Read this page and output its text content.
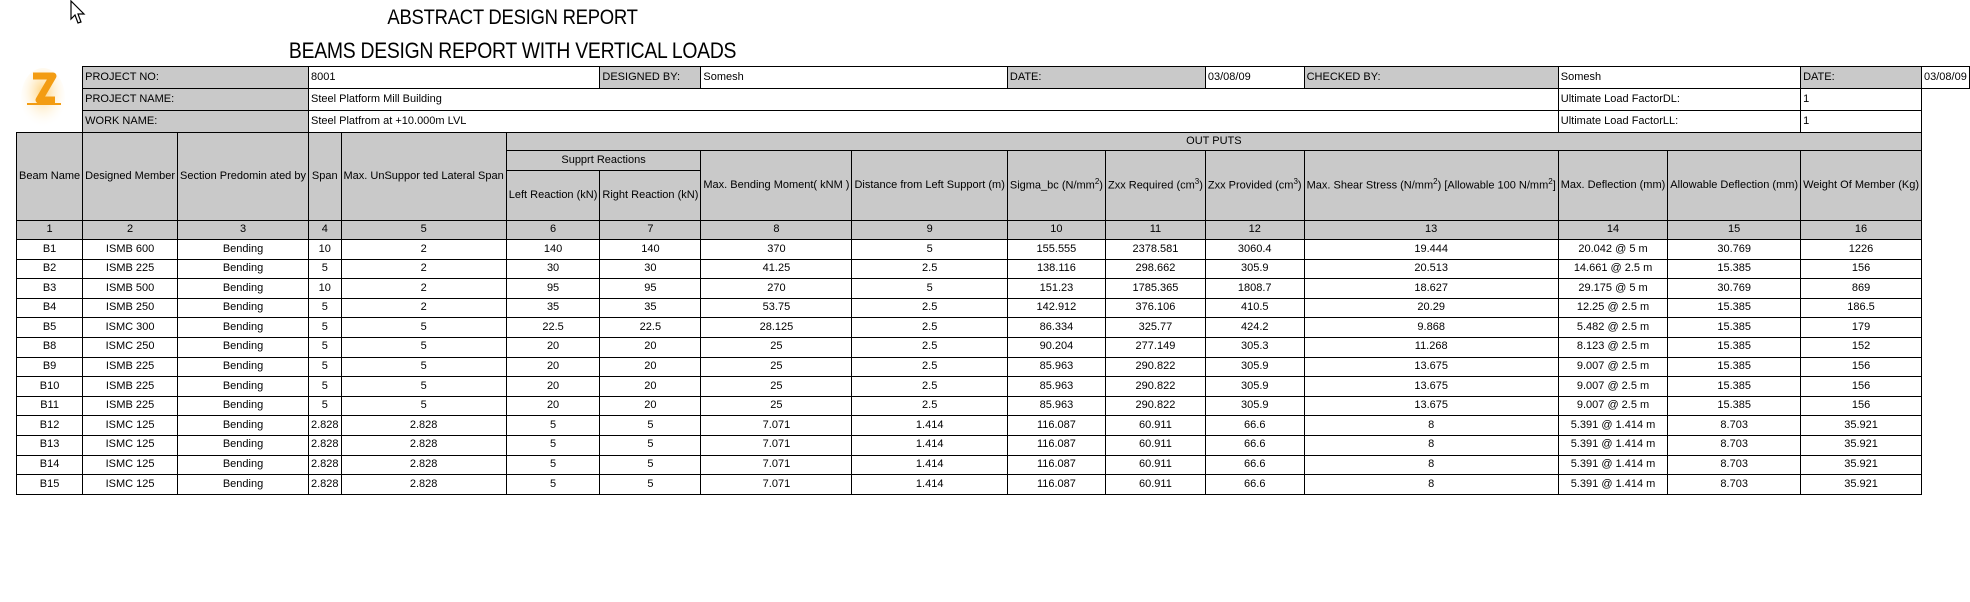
ABSTRACT DESIGN REPORT
BEAMS DESIGN REPORT WITH VERTICAL LOADS
	PROJECT NO:		8001			DESIGNED BY:	Somesh		DATE:		03/08/09	CHECKED BY:	Somesh		DATE:	03/08/09
	PROJECT NAME:		Steel Platform Mill Building										Ultimate Load FactorDL:		1	
	WORK NAME:		Steel Platfrom at +10.000m LVL										Ultimate Load FactorLL:		1	
Beam Name	Designed Member	Section Predomin ated by	Span	Max. UnSuppor ted Lateral Span	OUT PUTS											
					Supprt Reactions		Max. Bending Moment( kNM )	Distance from Left Support (m)	Sigma_bc $(N/mm^2)$	Zxx Required $(cm^3)$	Zxx Provided $(cm^3)$	Max. Shear Stress $(N/mm^2)$ [Allowable 100 $N/mm^2$]	Max. Deflection (mm)	Allowable Deflection (mm)	Weight Of Member (Kg)	
					Left Reaction (kN)	Right Reaction (kN)										
1	2	3	4	5	6	7	8	9	10	11	12	13	14	15	16	
B1	ISMB 600	Bending	10	2	140	140	370	5	155.555	2378.581	3060.4	19.444	20.042 @ 5 m	30.769	1226	
B2	ISMB 225	Bending	5	2	30	30	41.25	2.5	138.116	298.662	305.9	20.513	14.661 @ 2.5 m	15.385	156	
B3	ISMB 500	Bending	10	2	95	95	270	5	151.23	1785.365	1808.7	18.627	29.175 @ 5 m	30.769	869	
B4	ISMB 250	Bending	5	2	35	35	53.75	2.5	142.912	376.106	410.5	20.29	12.25 @ 2.5 m	15.385	186.5	
B5	ISMC 300	Bending	5	5	22.5	22.5	28.125	2.5	86.334	325.77	424.2	9.868	5.482 @ 2.5 m	15.385	179	
B8	ISMC 250	Bending	5	5	20	20	25	2.5	90.204	277.149	305.3	11.268	8.123 @ 2.5 m	15.385	152	
B9	ISMB 225	Bending	5	5	20	20	25	2.5	85.963	290.822	305.9	13.675	9.007 @ 2.5 m	15.385	156	
B10	ISMB 225	Bending	5	5	20	20	25	2.5	85.963	290.822	305.9	13.675	9.007 @ 2.5 m	15.385	156	
B11	ISMB 225	Bending	5	5	20	20	25	2.5	85.963	290.822	305.9	13.675	9.007 @ 2.5 m	15.385	156	
B12	ISMC 125	Bending	2.828	2.828	5	5	7.071	1.414	116.087	60.911	66.6	8	5.391 @ 1.414 m	8.703	35.921	
B13	ISMC 125	Bending	2.828	2.828	5	5	7.071	1.414	116.087	60.911	66.6	8	5.391 @ 1.414 m	8.703	35.921	
B14	ISMC 125	Bending	2.828	2.828	5	5	7.071	1.414	116.087	60.911	66.6	8	5.391 @ 1.414 m	8.703	35.921	
B15	ISMC 125	Bending	2.828	2.828	5	5	7.071	1.414	116.087	60.911	66.6	8	5.391 @ 1.414 m	8.703	35.921	
